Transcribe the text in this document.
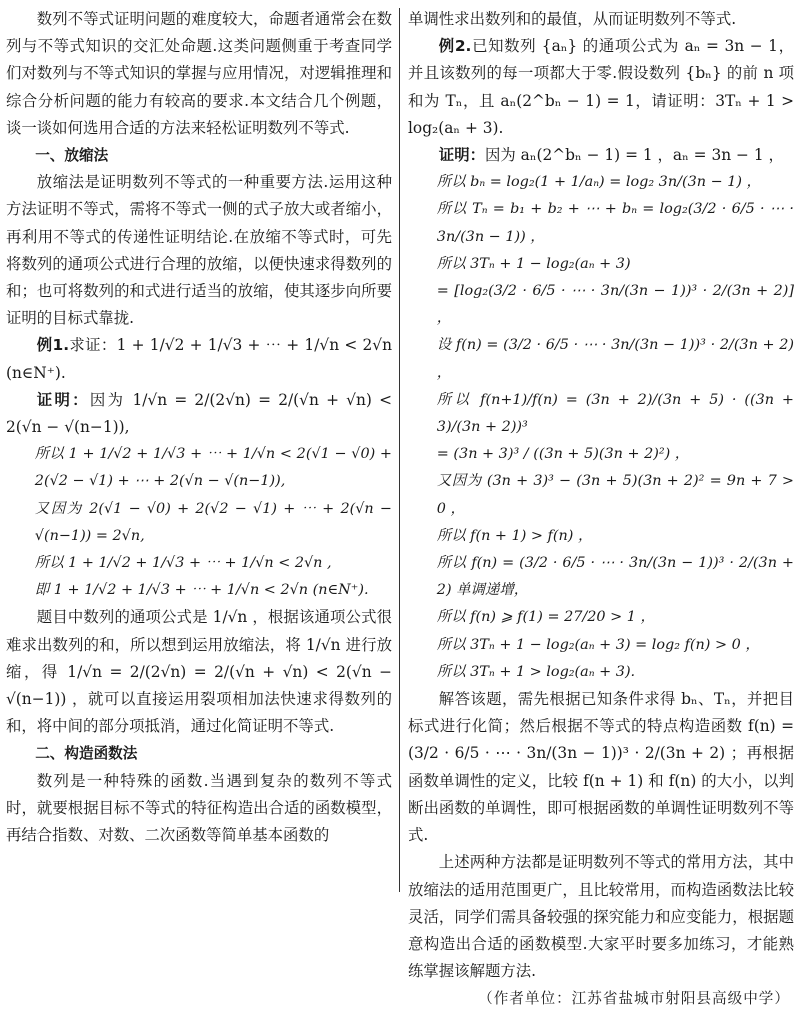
数列不等式证明问题的难度较大，命题者通常会在数列与不等式知识的交汇处命题.这类问题侧重于考查同学们对数列与不等式知识的掌握与应用情况，对逻辑推理和综合分析问题的能力有较高的要求.本文结合几个例题，谈一谈如何选用合适的方法来轻松证明数列不等式.

一、放缩法

放缩法是证明数列不等式的一种重要方法.运用这种方法证明不等式，需将不等式一侧的式子放大或者缩小，再利用不等式的传递性证明结论.在放缩不等式时，可先将数列的通项公式进行合理的放缩，以便快速求得数列的和；也可将数列的和式进行适当的放缩，使其逐步向所要证明的目标式靠拢.

例1.求证：1 + 1/√2 + 1/√3 + ⋯ + 1/√n < 2√n (n∈N⁺).

证明：因为 1/√n = 2/(2√n) = 2/(√n + √n) < 2(√n − √(n−1)),

所以 1 + 1/√2 + 1/√3 + ⋯ + 1/√n < 2(√1 − √0) + 2(√2 − √1) + ⋯ + 2(√n − √(n−1)),

又因为 2(√1 − √0) + 2(√2 − √1) + ⋯ + 2(√n − √(n−1)) = 2√n,

所以 1 + 1/√2 + 1/√3 + ⋯ + 1/√n < 2√n ,

即 1 + 1/√2 + 1/√3 + ⋯ + 1/√n < 2√n (n∈N⁺).

题目中数列的通项公式是 1/√n ，根据该通项公式很难求出数列的和，所以想到运用放缩法，将 1/√n 进行放缩，得 1/√n = 2/(2√n) = 2/(√n + √n) < 2(√n − √(n−1)) ，就可以直接运用裂项相加法快速求得数列的和，将中间的部分项抵消，通过化简证明不等式.

二、构造函数法

数列是一种特殊的函数.当遇到复杂的数列不等式时，就要根据目标不等式的特征构造出合适的函数模型，再结合指数、对数、二次函数等简单基本函数的

单调性求出数列和的最值，从而证明数列不等式.

例2.已知数列 {aₙ} 的通项公式为 aₙ = 3n − 1，并且该数列的每一项都大于零.假设数列 {bₙ} 的前 n 项和为 Tₙ，且 aₙ(2^bₙ − 1) = 1，请证明：3Tₙ + 1 > log₂(aₙ + 3).

证明：因为 aₙ(2^bₙ − 1) = 1 ，aₙ = 3n − 1 ，

所以 bₙ = log₂(1 + 1/aₙ) = log₂ 3n/(3n − 1) ，

所以 Tₙ = b₁ + b₂ + ⋯ + bₙ = log₂(3/2 · 6/5 · ⋯ · 3n/(3n − 1)) ，

所以 3Tₙ + 1 − log₂(aₙ + 3)

= [log₂(3/2 · 6/5 · ⋯ · 3n/(3n − 1))³ · 2/(3n + 2)] ，

设 f(n) = (3/2 · 6/5 · ⋯ · 3n/(3n − 1))³ · 2/(3n + 2) ，

所以 f(n+1)/f(n) = (3n + 2)/(3n + 5) · ((3n + 3)/(3n + 2))³

= (3n + 3)³ / ((3n + 5)(3n + 2)²) ，

又因为 (3n + 3)³ − (3n + 5)(3n + 2)² = 9n + 7 > 0 ，

所以 f(n + 1) > f(n) ，

所以 f(n) = (3/2 · 6/5 · ⋯ · 3n/(3n − 1))³ · 2/(3n + 2) 单调递增，

所以 f(n) ⩾ f(1) = 27/20 > 1 ，

所以 3Tₙ + 1 − log₂(aₙ + 3) = log₂ f(n) > 0 ，

所以 3Tₙ + 1 > log₂(aₙ + 3).

解答该题，需先根据已知条件求得 bₙ、Tₙ，并把目标式进行化简；然后根据不等式的特点构造函数 f(n) = (3/2 · 6/5 · ⋯ · 3n/(3n − 1))³ · 2/(3n + 2) ；再根据函数单调性的定义，比较 f(n + 1) 和 f(n) 的大小，以判断出函数的单调性，即可根据函数的单调性证明数列不等式.

上述两种方法都是证明数列不等式的常用方法，其中放缩法的适用范围更广，且比较常用，而构造函数法比较灵活，同学们需具备较强的探究能力和应变能力，根据题意构造出合适的函数模型.大家平时要多加练习，才能熟练掌握该解题方法.

（作者单位：江苏省盐城市射阳县高级中学）
